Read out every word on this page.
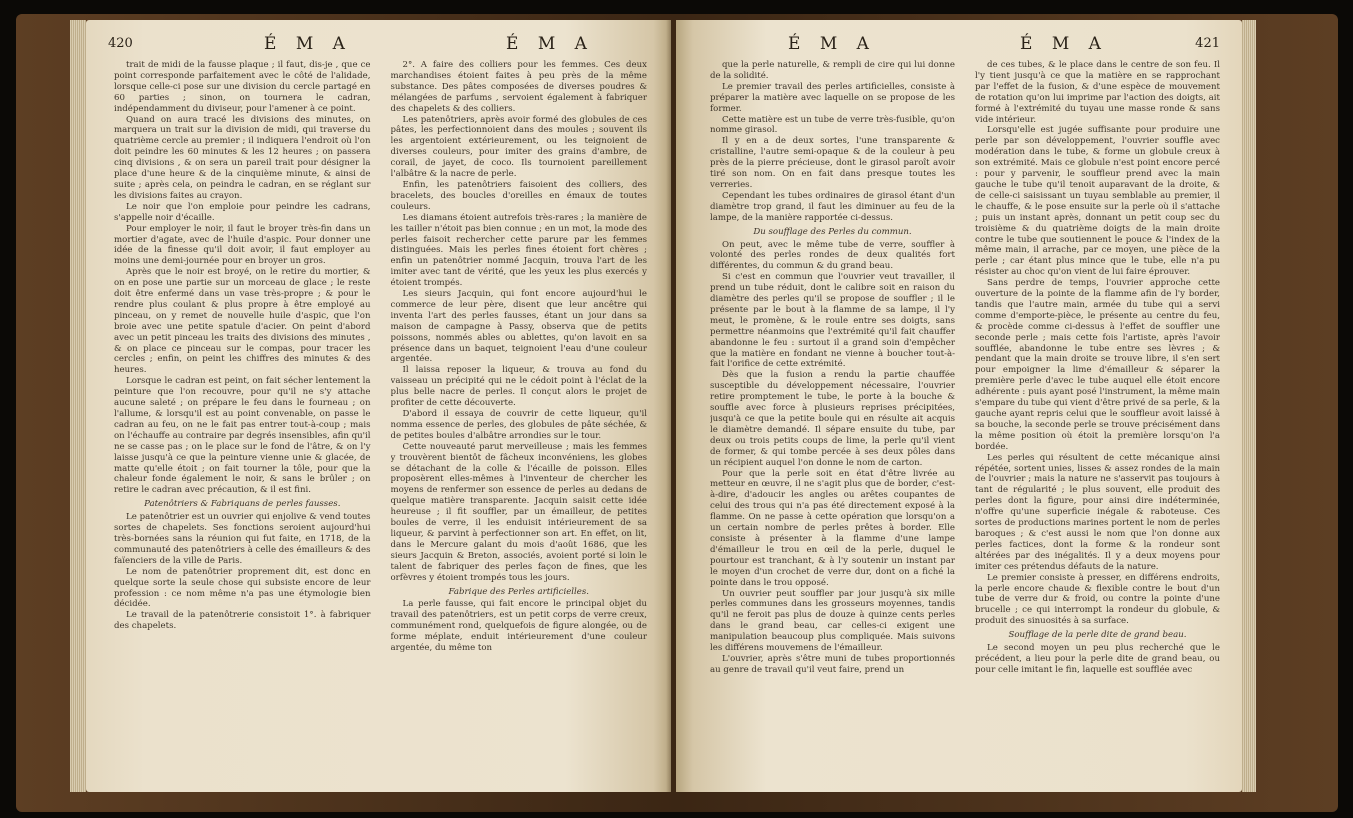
420	É M A	É M A

trait de midi de la fausse plaque ; il faut, dis-je , que ce point corresponde parfaitement avec le côté de l'alidade, lorsque celle-ci pose sur une division du cercle partagé en 60 parties ; sinon, on tournera le cadran, indépendamment du diviseur, pour l'amener à ce point.

Quand on aura tracé les divisions des minutes, on marquera un trait sur la division de midi, qui traverse du quatrième cercle au premier ; il indiquera l'endroit où l'on doit peindre les 60 minutes & les 12 heures ; on passera cinq divisions , & on sera un pareil trait pour désigner la place d'une heure & de la cinquième minute, & ainsi de suite ; après cela, on peindra le cadran, en se réglant sur les divisions faites au crayon.

Le noir que l'on emploie pour peindre les cadrans, s'appelle noir d'écaille.

Pour employer le noir, il faut le broyer très-fin dans un mortier d'agate, avec de l'huile d'aspic. Pour donner une idée de la finesse qu'il doit avoir, il faut employer au moins une demi-journée pour en broyer un gros.

Après que le noir est broyé, on le retire du mortier, & on en pose une partie sur un morceau de glace ; le reste doit être enfermé dans un vase très-propre ; & pour le rendre plus coulant & plus propre à être employé au pinceau, on y remet de nouvelle huile d'aspic, que l'on broie avec une petite spatule d'acier. On peint d'abord avec un petit pinceau les traits des divisions des minutes , & on place ce pinceau sur le compas, pour tracer les cercles ; enfin, on peint les chiffres des minutes & des heures.

Lorsque le cadran est peint, on fait sécher lentement la peinture que l'on recouvre, pour qu'il ne s'y attache aucune saleté ; on prépare le feu dans le fourneau ; on l'allume, & lorsqu'il est au point convenable, on passe le cadran au feu, on ne le fait pas entrer tout-à-coup ; mais on l'échauffe au contraire par degrés insensibles, afin qu'il ne se casse pas ; on le place sur le fond de l'âtre, & on l'y laisse jusqu'à ce que la peinture vienne unie & glacée, de matte qu'elle étoit ; on fait tourner la tôle, pour que la chaleur fonde également le noir, & sans le brûler ; on retire le cadran avec précaution, & il est fini.

Patenôtriers & Fabriquans de perles fausses.

Le patenôtrier est un ouvrier qui enjolive & vend toutes sortes de chapelets. Ses fonctions seroient aujourd'hui très-bornées sans la réunion qui fut faite, en 1718, de la communauté des patenôtriers à celle des émailleurs & des faïenciers de la ville de Paris.

Le nom de patenôtrier proprement dit, est donc en quelque sorte la seule chose qui subsiste encore de leur profession : ce nom même n'a pas une étymologie bien décidée.

Le travail de la patenôtrerie consistoit 1°. à fabriquer des chapelets.

2°. A faire des colliers pour les femmes. Ces deux marchandises étoient faites à peu près de la même substance. Des pâtes composées de diverses poudres & mélangées de parfums , servoient également à fabriquer des chapelets & des colliers.

Les patenôtriers, après avoir formé des globules de ces pâtes, les perfectionnoient dans des moules ; souvent ils les argentoient extérieurement, ou les teignoient de diverses couleurs, pour imiter des grains d'ambre, de corail, de jayet, de coco. Ils tournoient pareillement l'albâtre & la nacre de perle.

Enfin, les patenôtriers faisoient des colliers, des bracelets, des boucles d'oreilles en émaux de toutes couleurs.

Les diamans étoient autrefois très-rares ; la manière de les tailler n'étoit pas bien connue ; en un mot, la mode des perles faisoit rechercher cette parure par les femmes distinguées. Mais les perles fines étoient fort chères ; enfin un patenôtrier nommé Jacquin, trouva l'art de les imiter avec tant de vérité, que les yeux les plus exercés y étoient trompés.

Les sieurs Jacquin, qui font encore aujourd'hui le commerce de leur père, disent que leur ancêtre qui inventa l'art des perles fausses, étant un jour dans sa maison de campagne à Passy, observa que de petits poissons, nommés ables ou ablettes, qu'on lavoit en sa présence dans un baquet, teignoient l'eau d'une couleur argentée.

Il laissa reposer la liqueur, & trouva au fond du vaisseau un précipité qui ne le cédoit point à l'éclat de la plus belle nacre de perles. Il conçut alors le projet de profiter de cette découverte.

D'abord il essaya de couvrir de cette liqueur, qu'il nomma essence de perles, des globules de pâte séchée, & de petites boules d'albâtre arrondies sur le tour.

Cette nouveauté parut merveilleuse ; mais les femmes y trouvèrent bientôt de fâcheux inconvéniens, les globes se détachant de la colle & l'écaille de poisson. Elles proposèrent elles-mêmes à l'inventeur de chercher les moyens de renfermer son essence de perles au dedans de quelque matière transparente. Jacquin saisit cette idée heureuse ; il fit souffler, par un émailleur, de petites boules de verre, il les enduisit intérieurement de sa liqueur, & parvint à perfectionner son art. En effet, on lit, dans le Mercure galant du mois d'août 1686, que les sieurs Jacquin & Breton, associés, avoient porté si loin le talent de fabriquer des perles façon de fines, que les orfèvres y étoient trompés tous les jours.

Fabrique des Perles artificielles.

La perle fausse, qui fait encore le principal objet du travail des patenôtriers, est un petit corps de verre creux, communément rond, quelquefois de figure alongée, ou de forme méplate, enduit intérieurement d'une couleur argentée, du même ton

É M A	É M A	421

que la perle naturelle, & rempli de cire qui lui donne de la solidité.

Le premier travail des perles artificielles, consiste à préparer la matière avec laquelle on se propose de les former.

Cette matière est un tube de verre très-fusible, qu'on nomme girasol.

Il y en a de deux sortes, l'une transparente & cristalline, l'autre semi-opaque & de la couleur à peu près de la pierre précieuse, dont le girasol paroît avoir tiré son nom. On en fait dans presque toutes les verreries.

Cependant les tubes ordinaires de girasol étant d'un diamètre trop grand, il faut les diminuer au feu de la lampe, de la manière rapportée ci-dessus.

Du soufflage des Perles du commun.

On peut, avec le même tube de verre, souffler à volonté des perles rondes de deux qualités fort différentes, du commun & du grand beau.

Si c'est en commun que l'ouvrier veut travailler, il prend un tube réduit, dont le calibre soit en raison du diamètre des perles qu'il se propose de souffler ; il le présente par le bout à la flamme de sa lampe, il l'y meut, le promène, & le roule entre ses doigts, sans permettre néanmoins que l'extrémité qu'il fait chauffer abandonne le feu : surtout il a grand soin d'empêcher que la matière en fondant ne vienne à boucher tout-à-fait l'orifice de cette extrémité.

Dès que la fusion a rendu la partie chauffée susceptible du développement nécessaire, l'ouvrier retire promptement le tube, le porte à la bouche & souffle avec force à plusieurs reprises précipitées, jusqu'à ce que la petite boule qui en résulte ait acquis le diamètre demandé. Il sépare ensuite du tube, par deux ou trois petits coups de lime, la perle qu'il vient de former, & qui tombe percée à ses deux pôles dans un récipient auquel l'on donne le nom de carton.

Pour que la perle soit en état d'être livrée au metteur en œuvre, il ne s'agit plus que de border, c'est-à-dire, d'adoucir les angles ou arêtes coupantes de celui des trous qui n'a pas été directement exposé à la flamme. On ne passe à cette opération que lorsqu'on a un certain nombre de perles prêtes à border. Elle consiste à présenter à la flamme d'une lampe d'émailleur le trou en œil de la perle, duquel le pourtour est tranchant, & à l'y soutenir un instant par le moyen d'un crochet de verre dur, dont on a fiché la pointe dans le trou opposé.

Un ouvrier peut souffler par jour jusqu'à six mille perles communes dans les grosseurs moyennes, tandis qu'il ne feroit pas plus de douze à quinze cents perles dans le grand beau, car celles-ci exigent une manipulation beaucoup plus compliquée. Mais suivons les différens mouvemens de l'émailleur.

L'ouvrier, après s'être muni de tubes proportionnés au genre de travail qu'il veut faire, prend un

de ces tubes, & le place dans le centre de son feu. Il l'y tient jusqu'à ce que la matière en se rapprochant par l'effet de la fusion, & d'une espèce de mouvement de rotation qu'on lui imprime par l'action des doigts, ait formé à l'extrémité du tuyau une masse ronde & sans vide intérieur.

Lorsqu'elle est jugée suffisante pour produire une perle par son développement, l'ouvrier souffle avec modération dans le tube, & forme un globule creux à son extrémité. Mais ce globule n'est point encore percé : pour y parvenir, le souffleur prend avec la main gauche le tube qu'il tenoit auparavant de la droite, & de celle-ci saisissant un tuyau semblable au premier, il le chauffe, & le pose ensuite sur la perle où il s'attache ; puis un instant après, donnant un petit coup sec du troisième & du quatrième doigts de la main droite contre le tube que soutiennent le pouce & l'index de la même main, il arrache, par ce moyen, une pièce de la perle ; car étant plus mince que le tube, elle n'a pu résister au choc qu'on vient de lui faire éprouver.

Sans perdre de temps, l'ouvrier approche cette ouverture de la pointe de la flamme afin de l'y border, tandis que l'autre main, armée du tube qui a servi comme d'emporte-pièce, le présente au centre du feu, & procède comme ci-dessus à l'effet de souffler une seconde perle ; mais cette fois l'artiste, après l'avoir soufflée, abandonne le tube entre ses lèvres ; & pendant que la main droite se trouve libre, il s'en sert pour empoigner la lime d'émailleur & séparer la première perle d'avec le tube auquel elle étoit encore adhérente : puis ayant posé l'instrument, la même main s'empare du tube qui vient d'être privé de sa perle, & la gauche ayant repris celui que le souffleur avoit laissé à sa bouche, la seconde perle se trouve précisément dans la même position où étoit la première lorsqu'on l'a bordée.

Les perles qui résultent de cette mécanique ainsi répétée, sortent unies, lisses & assez rondes de la main de l'ouvrier ; mais la nature ne s'asservit pas toujours à tant de régularité ; le plus souvent, elle produit des perles dont la figure, pour ainsi dire indéterminée, n'offre qu'une superficie inégale & raboteuse. Ces sortes de productions marines portent le nom de perles baroques ; & c'est aussi le nom que l'on donne aux perles factices, dont la forme & la rondeur sont altérées par des inégalités. Il y a deux moyens pour imiter ces prétendus défauts de la nature.

Le premier consiste à presser, en différens endroits, la perle encore chaude & flexible contre le bout d'un tube de verre dur & froid, ou contre la pointe d'une brucelle ; ce qui interrompt la rondeur du globule, & produit des sinuosités à sa surface.

Soufflage de la perle dite de grand beau.

Le second moyen un peu plus recherché que le précédent, a lieu pour la perle dite de grand beau, ou pour celle imitant le fin, laquelle est soufflée avec
